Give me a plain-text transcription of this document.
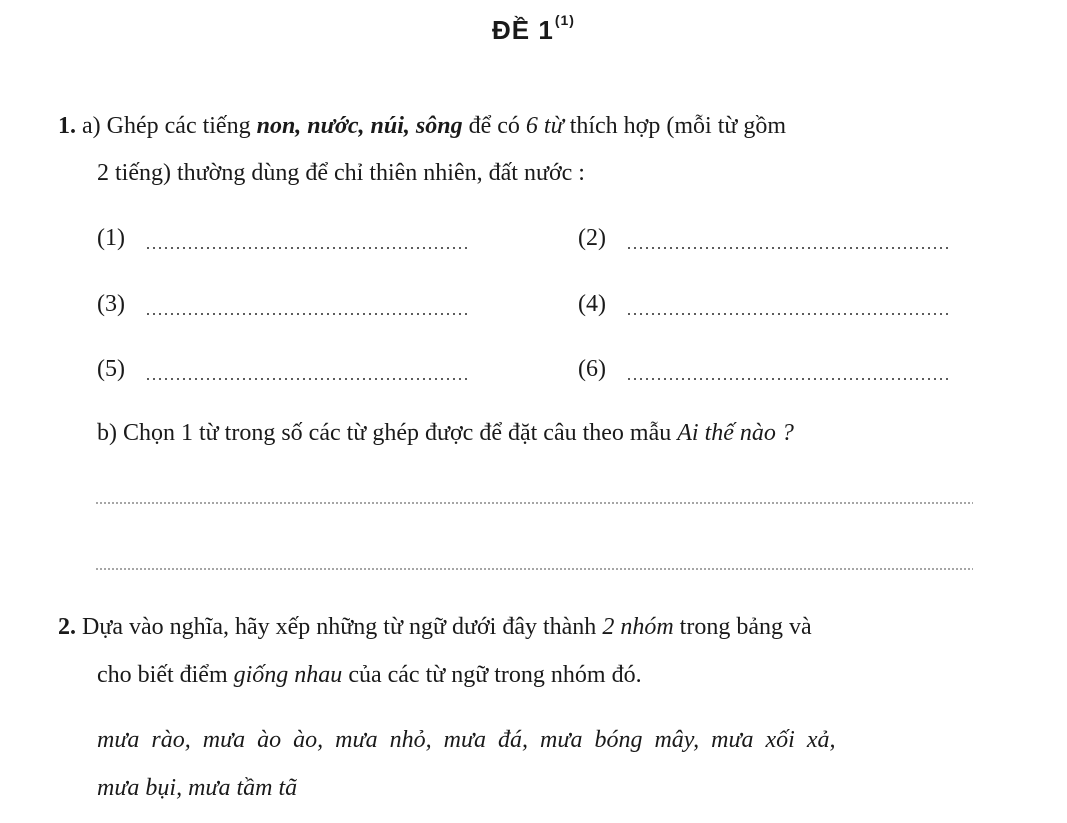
ĐỀ 1$^{(1)}$
1. a) Ghép các tiếng non, nước, núi, sông để có 6 từ thích hợp (mỗi từ gồm
2 tiếng) thường dùng để chỉ thiên nhiên, đất nước :
(1)	(2)
(3)	(4)
(5)	(6)
b) Chọn 1 từ trong số các từ ghép được để đặt câu theo mẫu Ai thế nào ?
2. Dựa vào nghĩa, hãy xếp những từ ngữ dưới đây thành 2 nhóm trong bảng và
cho biết điểm giống nhau của các từ ngữ trong nhóm đó.
mưa rào, mưa ào ào, mưa nhỏ, mưa đá, mưa bóng mây, mưa xối xả,
mưa bụi, mưa tầm tã
